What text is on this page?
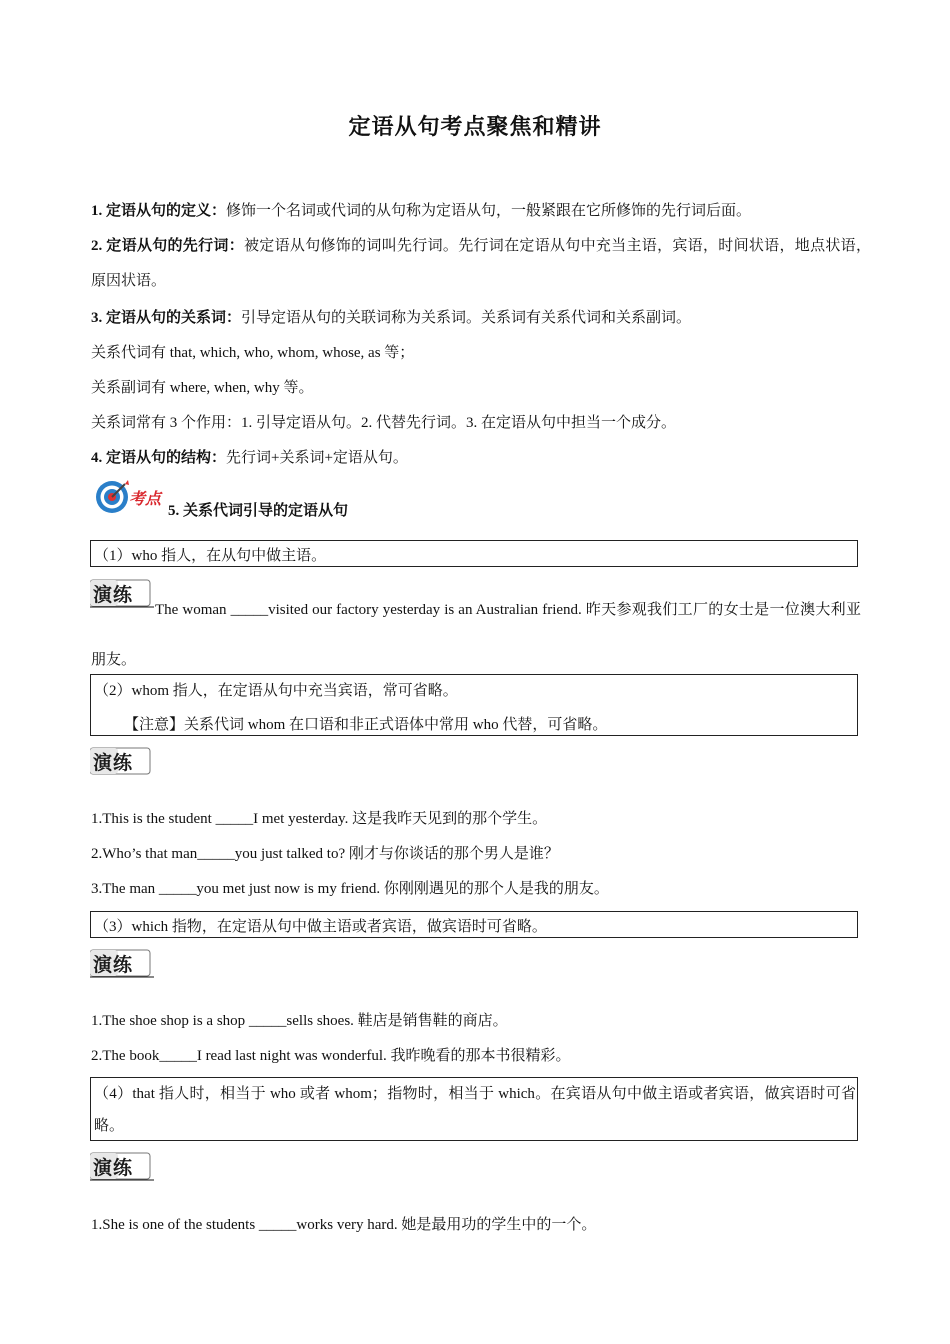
定语从句考点聚焦和精讲
1. 定语从句的定义：修饰一个名词或代词的从句称为定语从句，一般紧跟在它所修饰的先行词后面。
2. 定语从句的先行词：被定语从句修饰的词叫先行词。先行词在定语从句中充当主语，宾语，时间状语，地点状语，原因状语。
3. 定语从句的关系词：引导定语从句的关联词称为关系词。关系词有关系代词和关系副词。
关系代词有 that, which, who, whom, whose, as 等；
关系副词有 where, when, why 等。
关系词常有 3 个作用：1. 引导定语从句。2. 代替先行词。3. 在定语从句中担当一个成分。
4. 定语从句的结构：先行词+关系词+定语从句。
考点
5. 关系代词引导的定语从句
（1）who 指人，在从句中做主语。
演练
The woman _____visited our factory yesterday is an Australian friend. 昨天参观我们工厂的女士是一位澳大利亚朋友。
（2）whom 指人，在定语从句中充当宾语，常可省略。
【注意】关系代词 whom 在口语和非正式语体中常用 who 代替，可省略。
演练
1.This is the student _____I met yesterday. 这是我昨天见到的那个学生。
2.Who’s that man_____you just talked to? 刚才与你谈话的那个男人是谁？
3.The man _____you met just now is my friend. 你刚刚遇见的那个人是我的朋友。
（3）which 指物，在定语从句中做主语或者宾语，做宾语时可省略。
演练
1.The shoe shop is a shop _____sells shoes. 鞋店是销售鞋的商店。
2.The book_____I read last night was wonderful. 我昨晚看的那本书很精彩。
（4）that 指人时，相当于 who 或者 whom；指物时，相当于 which。在宾语从句中做主语或者宾语，做宾语时可省略。
演练
1.She is one of the students _____works very hard. 她是最用功的学生中的一个。
